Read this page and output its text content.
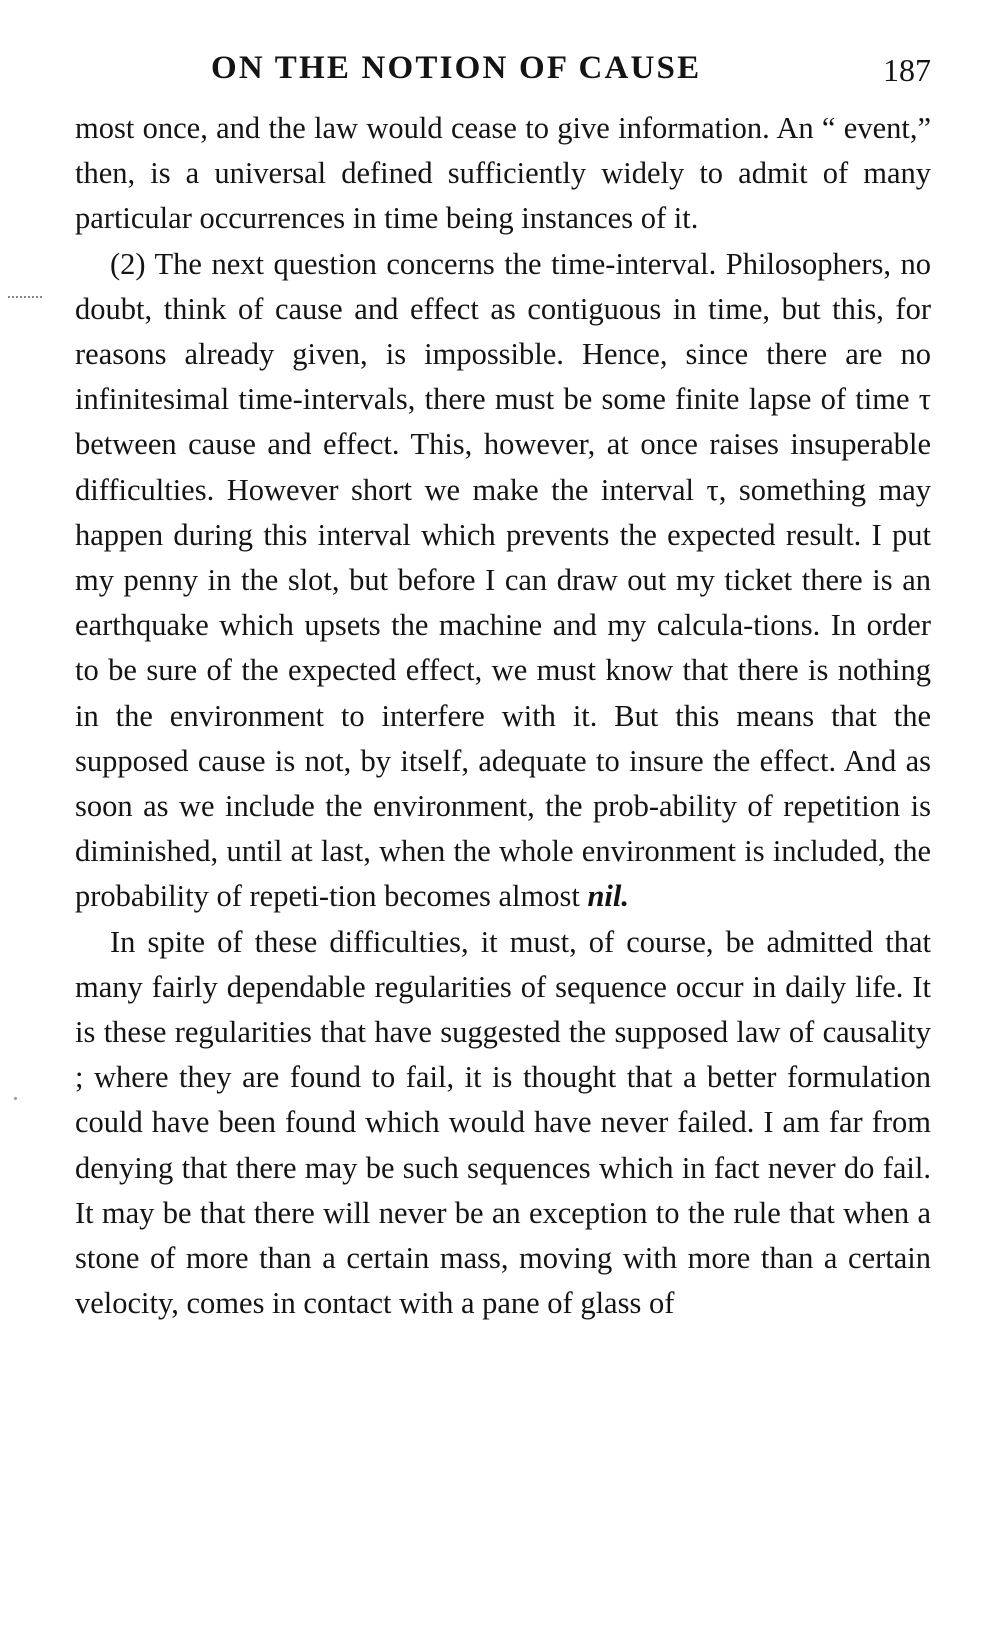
ON THE NOTION OF CAUSE	187

most once, and the law would cease to give information. An “ event,” then, is a universal defined sufficiently widely to admit of many particular occurrences in time being instances of it.

(2) The next question concerns the time-interval. Philosophers, no doubt, think of cause and effect as contiguous in time, but this, for reasons already given, is impossible. Hence, since there are no infinitesimal time-intervals, there must be some finite lapse of time τ between cause and effect. This, however, at once raises insuperable difficulties. However short we make the interval τ, something may happen during this interval which prevents the expected result. I put my penny in the slot, but before I can draw out my ticket there is an earthquake which upsets the machine and my calcula-tions. In order to be sure of the expected effect, we must know that there is nothing in the environment to interfere with it. But this means that the supposed cause is not, by itself, adequate to insure the effect. And as soon as we include the environment, the prob-ability of repetition is diminished, until at last, when the whole environment is included, the probability of repeti-tion becomes almost nil.

In spite of these difficulties, it must, of course, be admitted that many fairly dependable regularities of sequence occur in daily life. It is these regularities that have suggested the supposed law of causality ; where they are found to fail, it is thought that a better formulation could have been found which would have never failed. I am far from denying that there may be such sequences which in fact never do fail. It may be that there will never be an exception to the rule that when a stone of more than a certain mass, moving with more than a certain velocity, comes in contact with a pane of glass of
